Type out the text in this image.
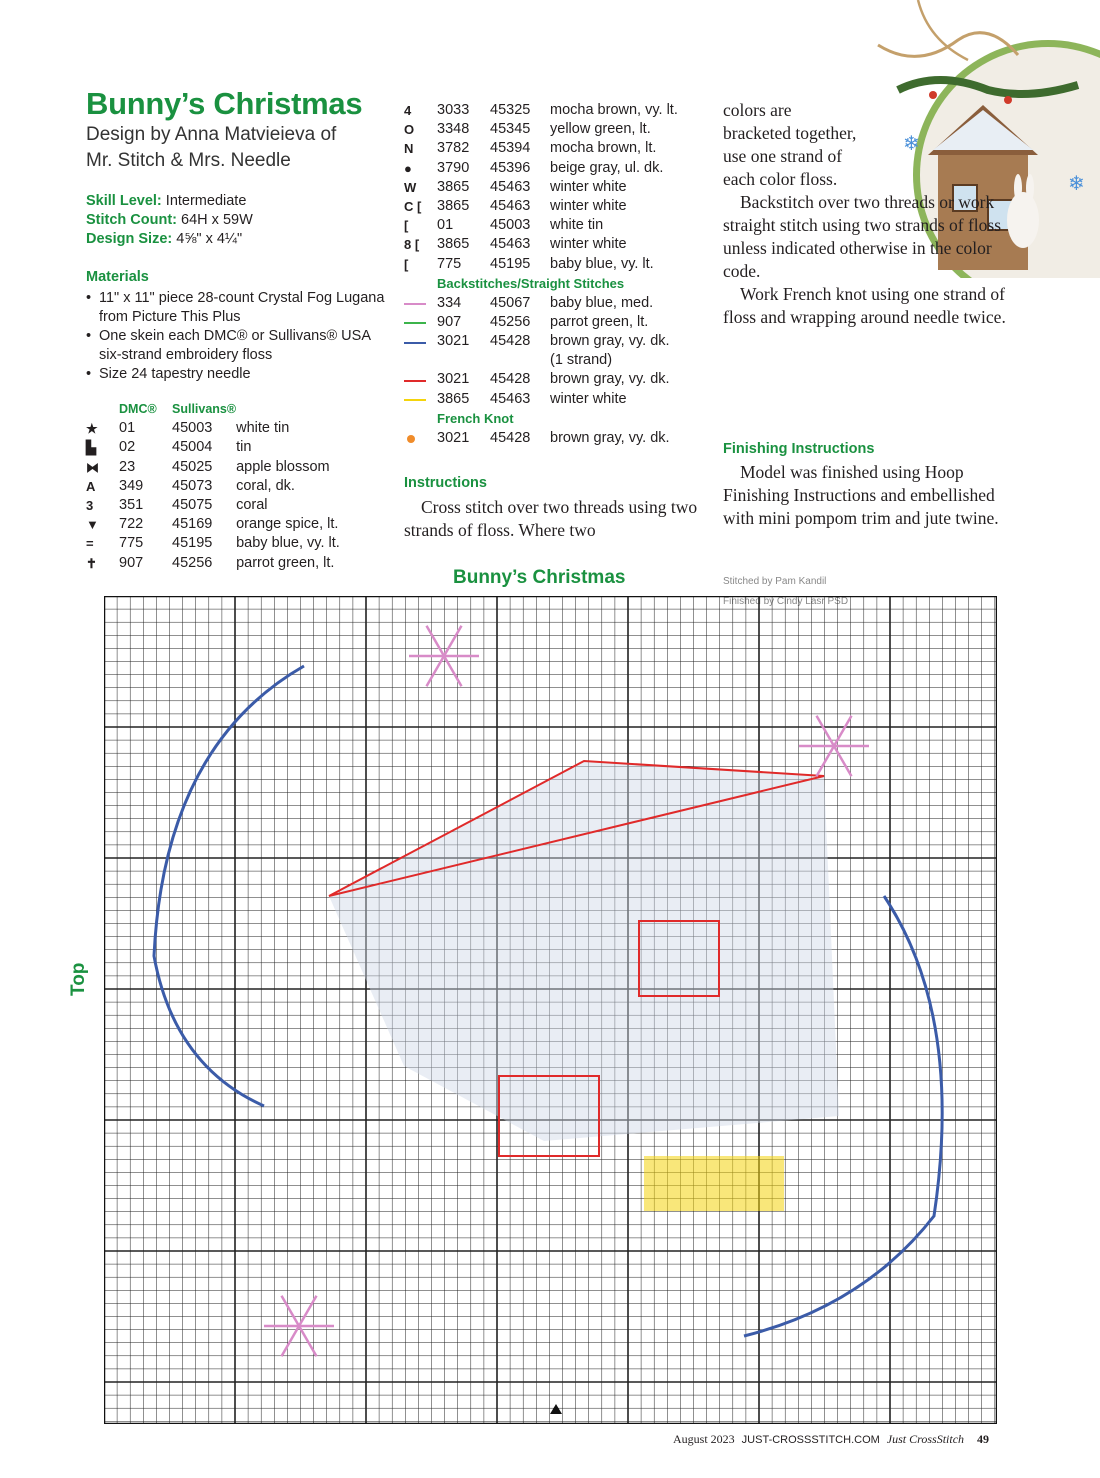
❄
❄
Bunny’s Christmas
Design by Anna Matvieieva of
Mr. Stitch & Mrs. Needle
Skill Level: Intermediate
Stitch Count: 64H x 59W
Design Size: 4⅝" x 4¼"
Materials
• 11" x 11" piece 28-count Crystal Fog Lugana from Picture This Plus
• One skein each DMC® or Sullivans® USA six-strand embroidery floss
• Size 24 tapestry needle
	DMC®	Sullivans®	
★	01	45003	white tin
▙	02	45004	tin
⧓	23	45025	apple blossom
A	349	45073	coral, dk.
3	351	45075	coral
▼	722	45169	orange spice, lt.
=	775	45195	baby blue, vy. lt.
✝	907	45256	parrot green, lt.
4	3033	45325	mocha brown, vy. lt.
O	3348	45345	yellow green, lt.
N	3782	45394	mocha brown, lt.
●	3790	45396	beige gray, ul. dk.
W	3865	45463	winter white
C [	3865	45463	winter white
[	01	45003	white tin
8 [	3865	45463	winter white
[	775	45195	baby blue, vy. lt.
Backstitches/Straight Stitches			
	334	45067	baby blue, med.
	907	45256	parrot green, lt.
	3021	45428	brown gray, vy. dk.
			(1 strand)
	3021	45428	brown gray, vy. dk.
	3865	45463	winter white
French Knot			
	3021	45428	brown gray, vy. dk.
Instructions
Cross stitch over two threads using two strands of floss. Where two
colors are bracketed together, use one strand of each color floss.
Backstitch over two threads or work straight stitch using two strands of floss unless indicated otherwise in the color code.
Work French knot using one strand of floss and wrapping around needle twice.
Finishing Instructions
Model was finished using Hoop Finishing Instructions and embellished with mini pompom trim and jute twine.
Bunny’s Christmas	Stitched by Pam Kandil
Finished by Cindy Lasr PSD
Top
August 2023 JUST-CROSSSTITCH.COM Just CrossStitch 49
